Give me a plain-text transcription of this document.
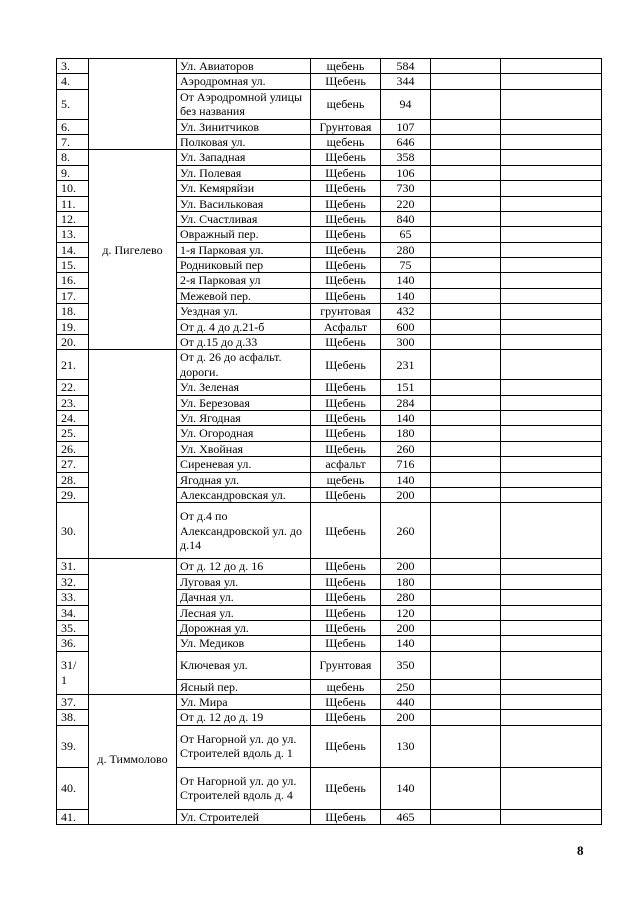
3.		Ул. Авиаторов	щебень	584		
4.		Аэродромная ул.	Щебень	344		
5.		От Аэродромной улицы без названия	щебень	94		
6.		Ул. Зинитчиков	Грунтовая	107		
7.		Полковая ул.	щебень	646		
8.	д. Пигелево	Ул. Западная	Щебень	358		
9.		Ул. Полевая	Щебень	106		
10.		Ул. Кемяряйзи	Щебень	730		
11.		Ул. Васильковая	Щебень	220		
12.		Ул. Счастливая	Щебень	840		
13.		Овражный пер.	Щебень	65		
14.		1-я Парковая ул.	Щебень	280		
15.		Родниковый пер	Щебень	75		
16.		2-я Парковая ул	Щебень	140		
17.		Межевой пер.	Щебень	140		
18.		Уездная ул.	грунтовая	432		
19.		От д. 4 до д.21-б	Асфальт	600		
20.		От д.15 до д.33	Щебень	300		
21.		От д. 26 до асфальт. дороги.	Щебень	231		
22.		Ул. Зеленая	Щебень	151		
23.		Ул. Березовая	Щебень	284		
24.		Ул. Ягодная	Щебень	140		
25.		Ул. Огородная	Щебень	180		
26.		Ул. Хвойная	Щебень	260		
27.		Сиреневая ул.	асфальт	716		
28.		Ягодная ул.	щебень	140		
29.		Александровская ул.	Щебень	200		
30.		От д.4 по Александровской ул. до д.14	Щебень	260		
31.		От д. 12 до д. 16	Щебень	200		
32.		Луговая ул.	Щебень	180		
33.		Дачная ул.	Щебень	280		
34.		Лесная ул.	Щебень	120		
35.		Дорожная ул.	Щебень	200		
36.		Ул. Медиков	Щебень	140		
31/ 1		Ключевая ул.	Грунтовая	350		
		Ясный пер.	щебень	250		
37.	д. Тиммолово	Ул. Мира	Щебень	440		
38.		От д. 12 до д. 19	Щебень	200		
39.		От Нагорной ул. до ул. Строителей вдоль д. 1	Щебень	130		
40.		От Нагорной ул. до ул. Строителей вдоль д. 4	Щебень	140		
41.		Ул. Строителей	Щебень	465		
8
